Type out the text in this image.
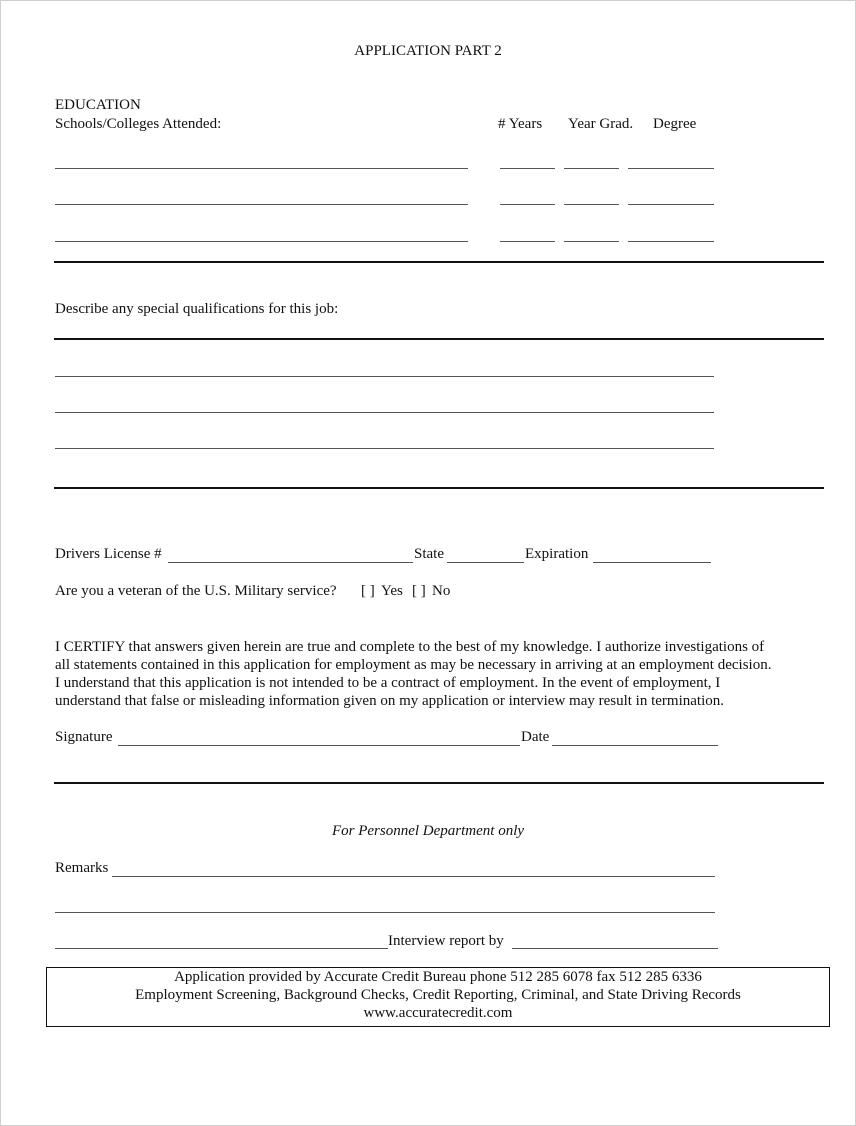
APPLICATION PART 2
EDUCATION
Schools/Colleges Attended:	# Years Year Grad. Degree
Describe any special qualifications for this job:
Drivers License #	State	Expiration
Are you a veteran of the U.S. Military service? [ ] Yes [ ] No
I CERTIFY that answers given herein are true and complete to the best of my knowledge. I authorize investigations of
all statements contained in this application for employment as may be necessary in arriving at an employment decision.
I understand that this application is not intended to be a contract of employment. In the event of employment, I
understand that false or misleading information given on my application or interview may result in termination.
Signature	Date
For Personnel Department only
Remarks
Interview report by
Application provided by Accurate Credit Bureau phone 512 285 6078 fax 512 285 6336
Employment Screening, Background Checks, Credit Reporting, Criminal, and State Driving Records
www.accuratecredit.com
